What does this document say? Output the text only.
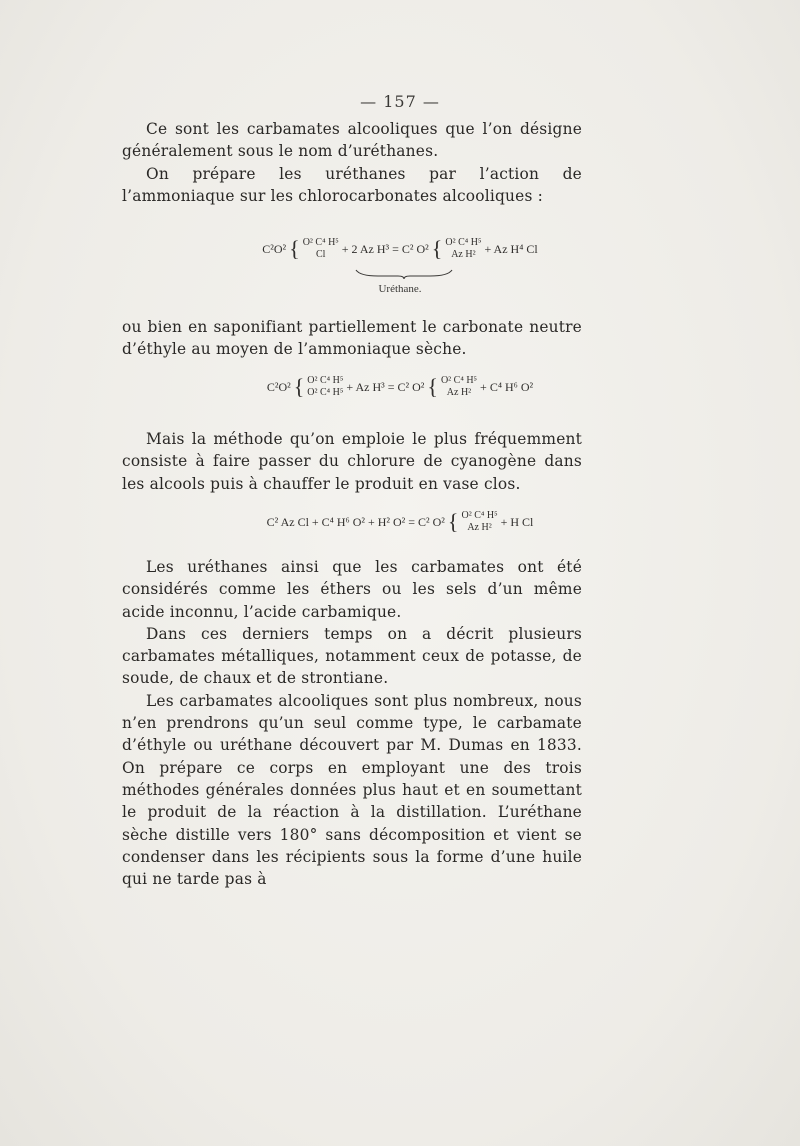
— 157 —

Ce sont les carbamates alcooliques que l’on désigne généralement sous le nom d’uréthanes.

On prépare les uréthanes par l’action de l’ammoniaque sur les chlorocarbonates alcooliques :

C²O² { O² C⁴ H⁵
Cl	+ 2 Az H³ = C² O² { O² C⁴ H⁵
Az H² + Az H⁴ Cl
Uréthane.

ou bien en saponifiant partiellement le carbonate neutre d’éthyle au moyen de l’ammoniaque sèche.

C²O² { O² C⁴ H⁵
O² C⁴ H⁵ + Az H³ = C² O² { O² C⁴ H⁵
Az H² + C⁴ H⁶ O²

Mais la méthode qu’on emploie le plus fréquemment consiste à faire passer du chlorure de cyanogène dans les alcools puis à chauffer le produit en vase clos.

C² Az Cl + C⁴ H⁶ O² + H² O² = C² O² { O² C⁴ H⁵
Az H² + H Cl

Les uréthanes ainsi que les carbamates ont été considérés comme les éthers ou les sels d’un même acide inconnu, l’acide carbamique.

Dans ces derniers temps on a décrit plusieurs carbamates métalliques, notamment ceux de potasse, de soude, de chaux et de strontiane.

Les carbamates alcooliques sont plus nombreux, nous n’en prendrons qu’un seul comme type, le carbamate d’éthyle ou uréthane découvert par M. Dumas en 1833. On prépare ce corps en employant une des trois méthodes générales données plus haut et en soumettant le produit de la réaction à la distillation. L’uréthane sèche distille vers 180° sans décomposition et vient se condenser dans les récipients sous la forme d’une huile qui ne tarde pas à
